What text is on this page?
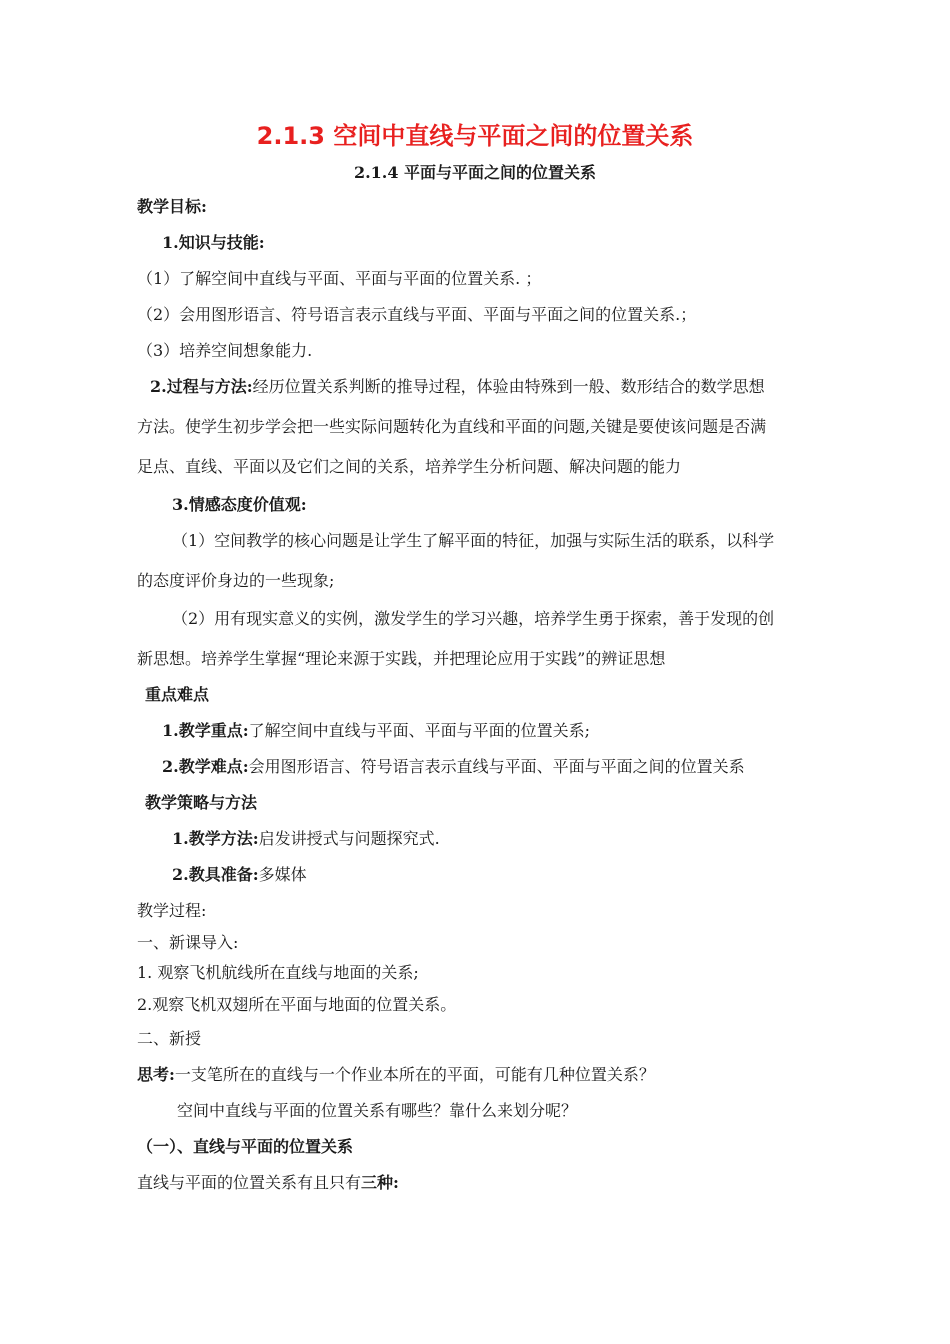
2.1.3 空间中直线与平面之间的位置关系
2.1.4 平面与平面之间的位置关系
教学目标:
1.知识与技能:
（1）了解空间中直线与平面、平面与平面的位置关系. ；
（2）会用图形语言、符号语言表示直线与平面、平面与平面之间的位置关系.；
（3）培养空间想象能力.
2.过程与方法:经历位置关系判断的推导过程，体验由特殊到一般、数形结合的数学思想
方法。使学生初步学会把一些实际问题转化为直线和平面的问题,关键是要使该问题是否满
足点、直线、平面以及它们之间的关系，培养学生分析问题、解决问题的能力
3.情感态度价值观:
（1）空间教学的核心问题是让学生了解平面的特征，加强与实际生活的联系，以科学
的态度评价身边的一些现象;
（2）用有现实意义的实例，激发学生的学习兴趣，培养学生勇于探索，善于发现的创
新思想。培养学生掌握“理论来源于实践，并把理论应用于实践”的辨证思想
重点难点
1.教学重点:了解空间中直线与平面、平面与平面的位置关系;
2.教学难点:会用图形语言、符号语言表示直线与平面、平面与平面之间的位置关系
教学策略与方法
1.教学方法:启发讲授式与问题探究式.
2.教具准备:多媒体
教学过程:
一、新课导入:
1. 观察飞机航线所在直线与地面的关系;
2.观察飞机双翅所在平面与地面的位置关系。
二、新授
思考:一支笔所在的直线与一个作业本所在的平面，可能有几种位置关系？
空间中直线与平面的位置关系有哪些？靠什么来划分呢？
（一）、直线与平面的位置关系
直线与平面的位置关系有且只有三种:
